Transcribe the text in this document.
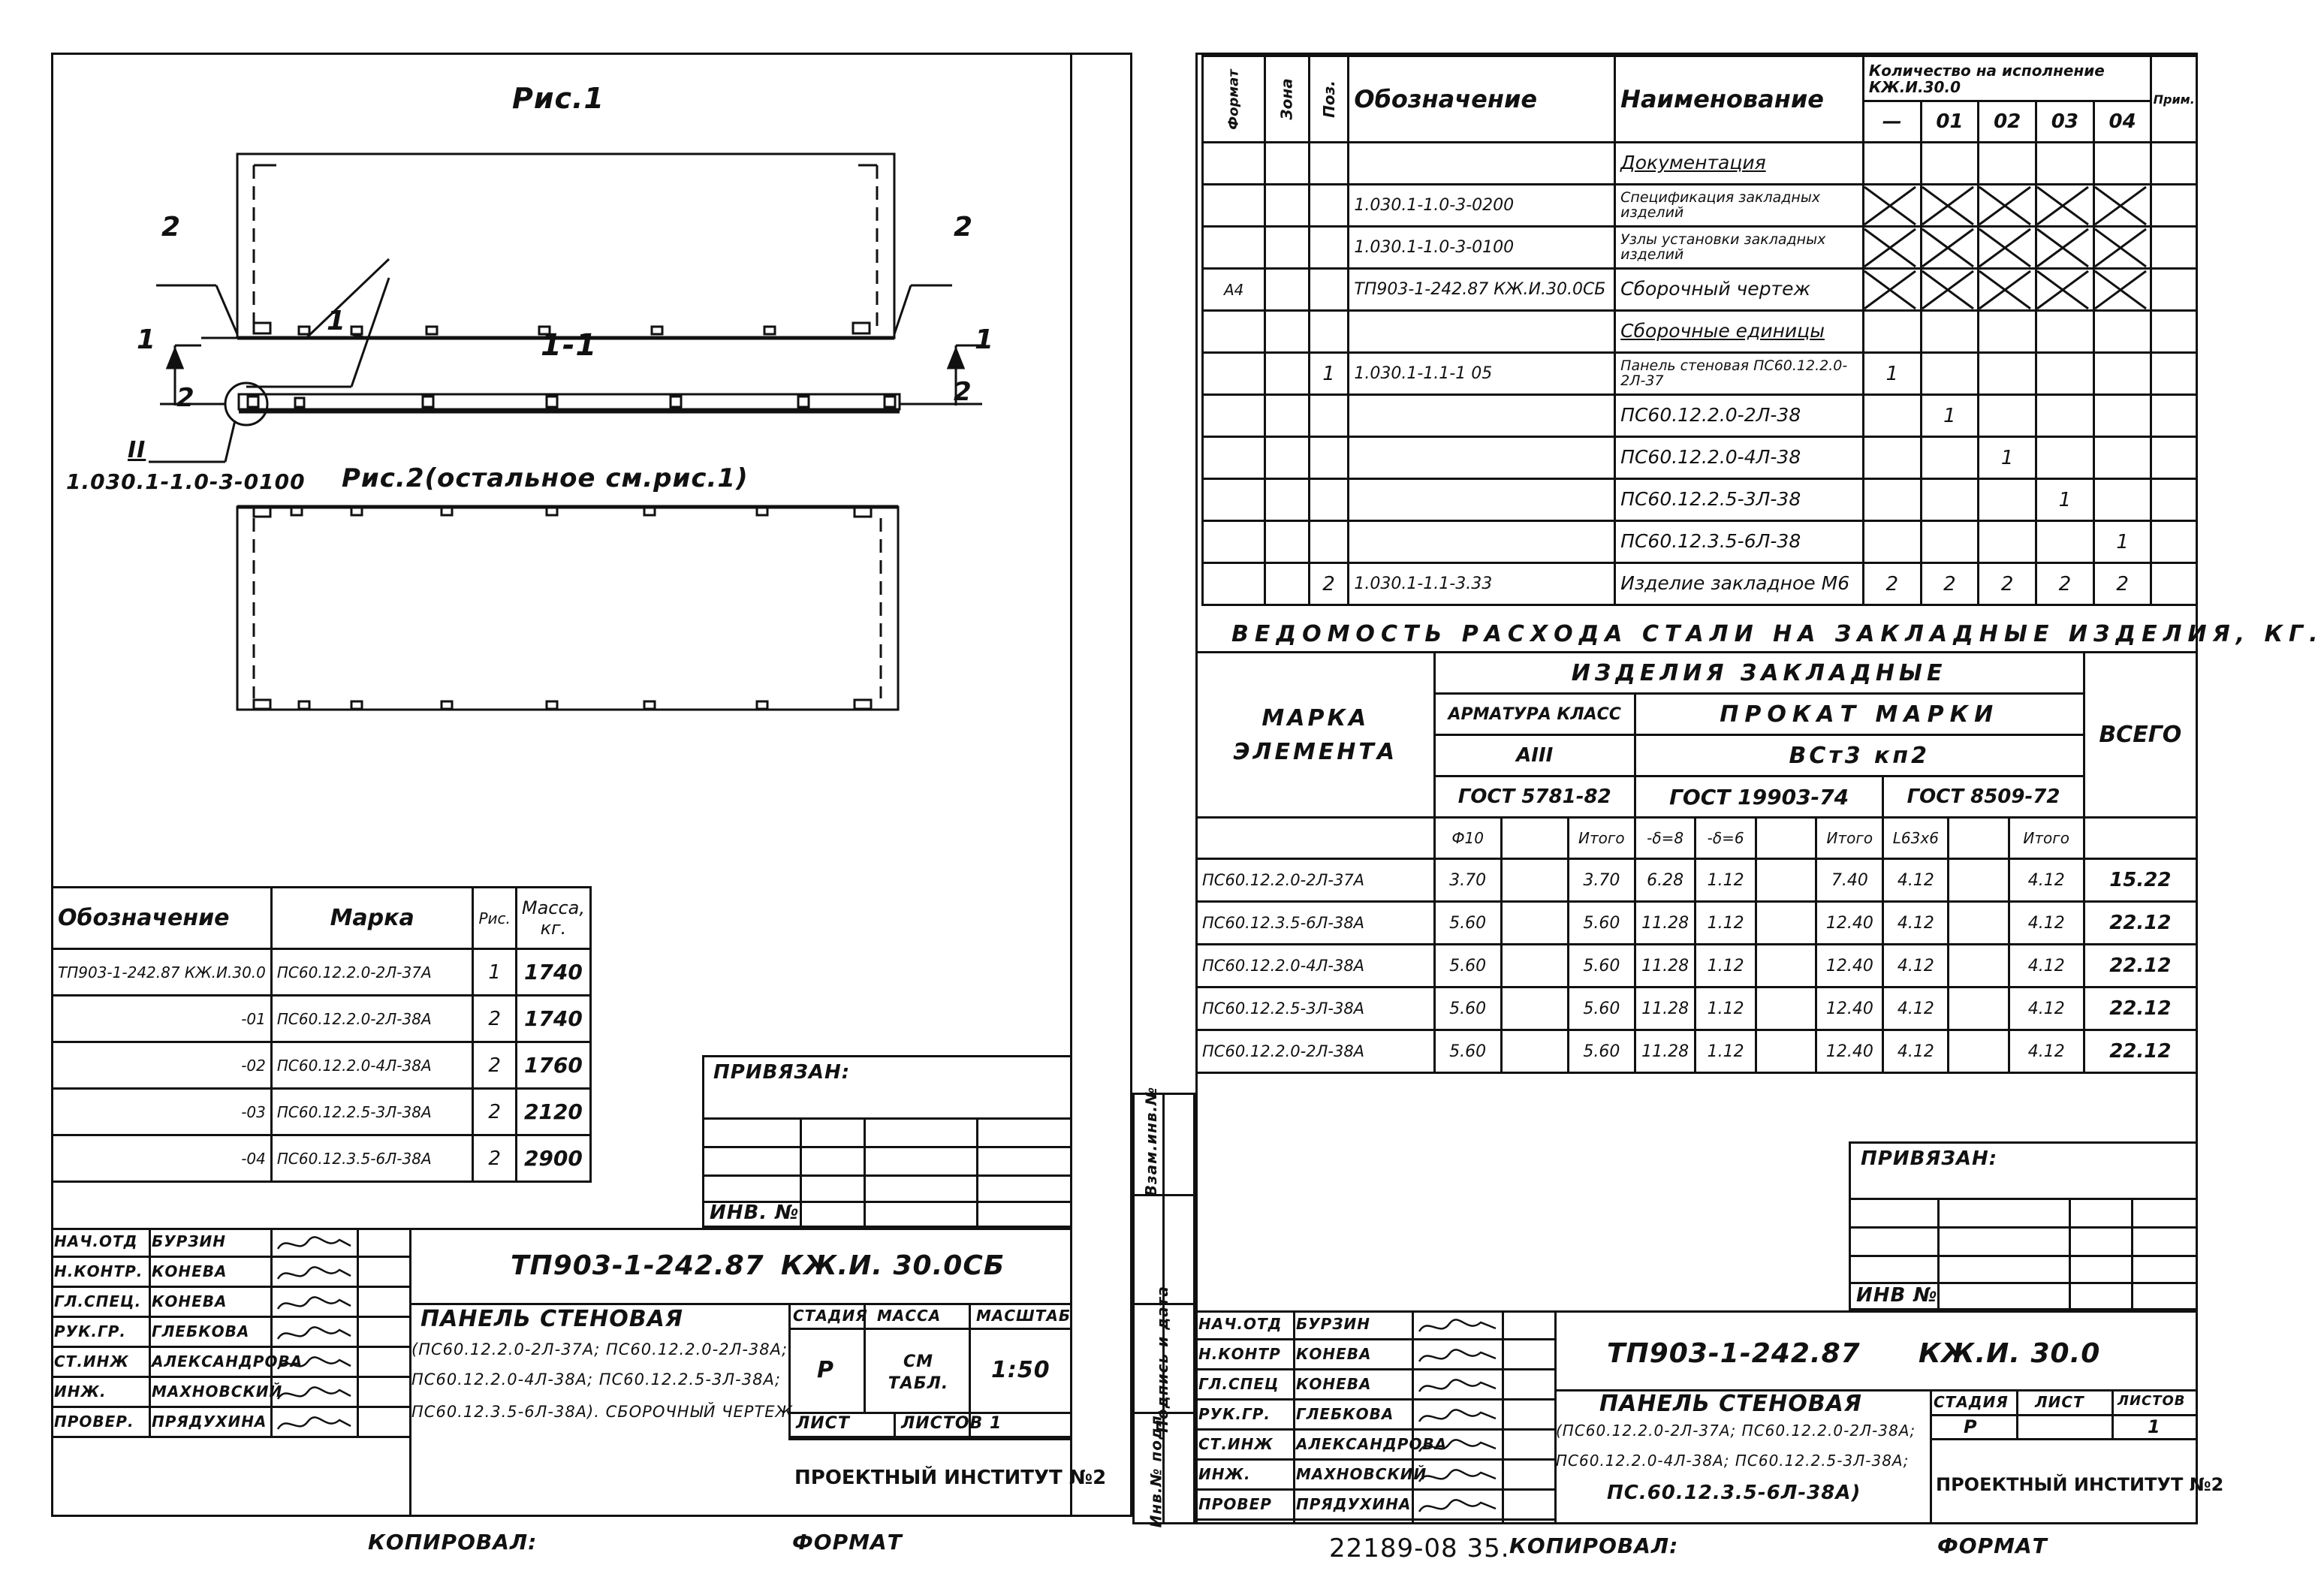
Рис.1
1-1
2	2
1
1	1
2	2
II
1.030.1-1.0-3-0100 Рис.2(остальное см.рис.1)
Обозначение	Марка	Рис.	Масса, кг.
ТП903-1-242.87 КЖ.И.30.0	ПС60.12.2.0-2Л-37А	1	1740
-01	ПС60.12.2.0-2Л-38А	2	1740
-02	ПС60.12.2.0-4Л-38А	2	1760
-03	ПС60.12.2.5-3Л-38А	2	2120
-04	ПС60.12.3.5-6Л-38А	2	2900
ПРИВЯЗАН:
ИНВ. №
НАЧ.ОТД БУРЗИН
Н.КОНТР. КОНЕВА
ГЛ.СПЕЦ. КОНЕВА
РУК.ГР. ГЛЕБКОВА
СТ.ИНЖ АЛЕКСАНДРОВА
ИНЖ.	МАХНОВСКИЙ
ПРОВЕР. ПРЯДУХИНА
ТП903-1-242.87 КЖ.И. 30.0СБ
ПАНЕЛЬ СТЕНОВАЯ
(ПС60.12.2.0-2Л-37А; ПС60.12.2.0-2Л-38А;
ПС60.12.2.0-4Л-38А; ПС60.12.2.5-3Л-38А;
ПС60.12.3.5-6Л-38А). СБОРОЧНЫЙ ЧЕРТЕЖ
СТАДИЯ МАССА МАСШТАБ
Р	СМ ТАБЛ.
1:50
ЛИСТ	ЛИСТОВ 1
ПРОЕКТНЫЙ ИНСТИТУТ №2
КОПИРОВАЛ:	ФОРМАТ
Формат	Зона	Поз.	Обозначение	Наименование	Количество на исполнение КЖ.И.30.0					Прим.
					—	01	02	03	04	
				Документация						
			1.030.1-1.0-3-0200	Спецификация закладных изделий	

			1.030.1-1.0-3-0100	Узлы установки закладных изделий	

А4			ТП903-1-242.87 КЖ.И.30.0СБ	Сборочный чертеж	

				Сборочные единицы						
		1	1.030.1-1.1-1 05	Панель стеновая ПС60.12.2.0-2Л-37	1					
				ПС60.12.2.0-2Л-38		1				
				ПС60.12.2.0-4Л-38			1			
				ПС60.12.2.5-3Л-38				1		
				ПС60.12.3.5-6Л-38					1	
		2	1.030.1-1.1-3.33	Изделие закладное М6	2	2	2	2	2	
ВЕДОМОСТЬ РАСХОДА СТАЛИ НА ЗАКЛАДНЫЕ ИЗДЕЛИЯ, КГ.
МАРКА ЭЛЕМЕНТА	ИЗДЕЛИЯ ЗАКЛАДНЫЕ										ВСЕГО
	АРМАТУРА КЛАСС			ПРОКАТ МАРКИ							
	АIII			ВСт3 кп2							
	ГОСТ 5781-82			ГОСТ 19903-74				ГОСТ 8509-72			
	Ф10		Итого	-δ=8	-δ=6		Итого	L63x6		Итого	
ПС60.12.2.0-2Л-37А	3.70		3.70	6.28	1.12		7.40	4.12		4.12	15.22
ПС60.12.3.5-6Л-38А	5.60		5.60	11.28	1.12		12.40	4.12		4.12	22.12
ПС60.12.2.0-4Л-38А	5.60		5.60	11.28	1.12		12.40	4.12		4.12	22.12
ПС60.12.2.5-3Л-38А	5.60		5.60	11.28	1.12		12.40	4.12		4.12	22.12
ПС60.12.2.0-2Л-38А	5.60		5.60	11.28	1.12		12.40	4.12		4.12	22.12
Взам.инв.№
Подпись и дата
Инв.№ подл.
ПРИВЯЗАН:
ИНВ №
НАЧ.ОТД БУРЗИН
Н.КОНТР КОНЕВА
ГЛ.СПЕЦ КОНЕВА
РУК.ГР. ГЛЕБКОВА
СТ.ИНЖ АЛЕКСАНДРОВА
ИНЖ.	МАХНОВСКИЙ
ПРОВЕР ПРЯДУХИНА
ТП903-1-242.87 КЖ.И. 30.0
ПАНЕЛЬ СТЕНОВАЯ
(ПС60.12.2.0-2Л-37А; ПС60.12.2.0-2Л-38А;
ПС60.12.2.0-4Л-38А; ПС60.12.2.5-3Л-38А;
ПС.60.12.3.5-6Л-38А)
СТАДИЯ ЛИСТ ЛИСТОВ
Р	1
ПРОЕКТНЫЙ ИНСТИТУТ №2
22189-08 35. КОПИРОВАЛ:	ФОРМАТ
